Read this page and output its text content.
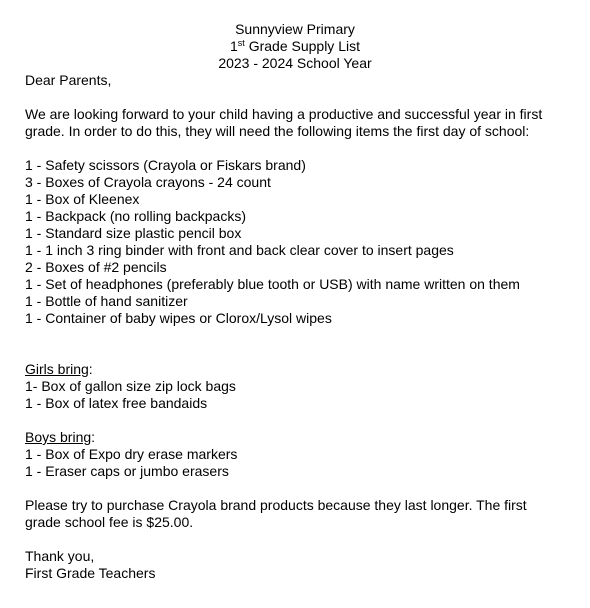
Sunnyview Primary
1st Grade Supply List
2023 - 2024 School Year
Dear Parents,
We are looking forward to your child having a productive and successful year in first grade. In order to do this, they will need the following items the first day of school:
1 - Safety scissors (Crayola or Fiskars brand)
3 - Boxes of Crayola crayons - 24 count
1 - Box of Kleenex
1 - Backpack (no rolling backpacks)
1 - Standard size plastic pencil box
1 - 1 inch 3 ring binder with front and back clear cover to insert pages
2 - Boxes of #2 pencils
1 - Set of headphones (preferably blue tooth or USB) with name written on them
1 - Bottle of hand sanitizer
1 - Container of baby wipes or Clorox/Lysol wipes
Girls bring:
1- Box of gallon size zip lock bags
1 - Box of latex free bandaids
Boys bring:
1 - Box of Expo dry erase markers
1 - Eraser caps or jumbo erasers
Please try to purchase Crayola brand products because they last longer. The first grade school fee is $25.00.
Thank you,
First Grade Teachers
